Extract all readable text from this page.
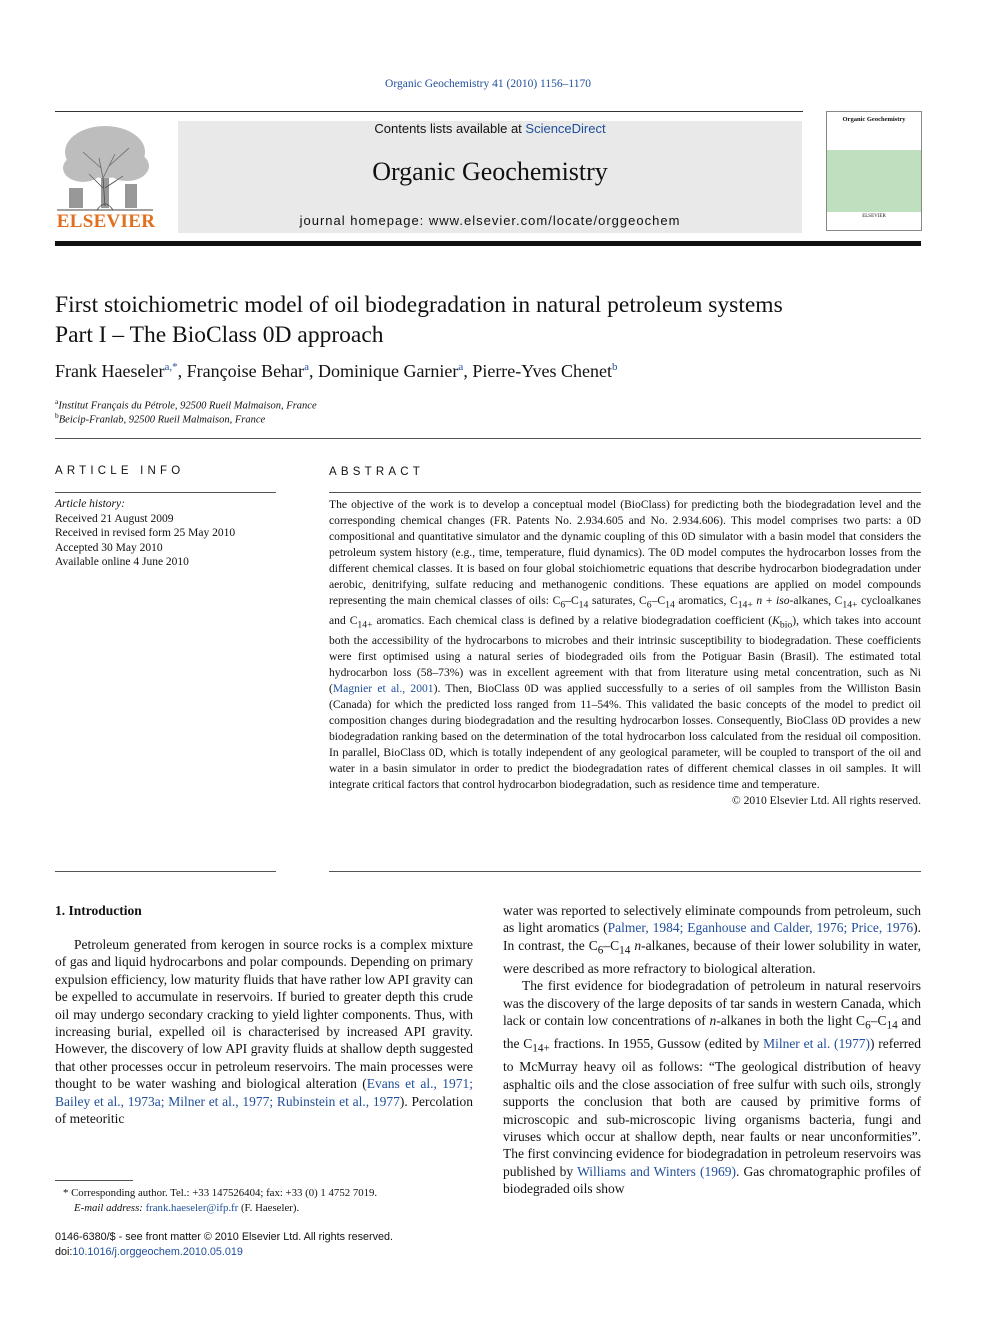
Organic Geochemistry 41 (2010) 1156–1170
ELSEVIER
Contents lists available at ScienceDirect
Organic Geochemistry
journal homepage: www.elsevier.com/locate/orggeochem
Organic Geochemistry
ELSEVIER
First stoichiometric model of oil biodegradation in natural petroleum systems
Part I – The BioClass 0D approach
Frank Haeseler$^{a,*}$, Françoise Behar$^a$, Dominique Garnier$^a$, Pierre-Yves Chenet$^b$
$^a$Institut Français du Pétrole, 92500 Rueil Malmaison, France
$^b$Beicip-Franlab, 92500 Rueil Malmaison, France
ARTICLE INFO	ABSTRACT
Article history:
Received 21 August 2009
Received in revised form 25 May 2010
Accepted 30 May 2010
Available online 4 June 2010

The objective of the work is to develop a conceptual model (BioClass) for predicting both the biodegradation level and the corresponding chemical changes (FR. Patents No. 2.934.605 and No. 2.934.606). This model comprises two parts: a 0D compositional and quantitative simulator and the dynamic coupling of this 0D simulator with a basin model that considers the petroleum system history (e.g., time, temperature, fluid dynamics). The 0D model computes the hydrocarbon losses from the different chemical classes. It is based on four global stoichiometric equations that describe hydrocarbon biodegradation under aerobic, denitrifying, sulfate reducing and methanogenic conditions. These equations are applied on model compounds representing the main chemical classes of oils: $C_6-C_{14}$ saturates, $C_6-C_{14}$ aromatics, $C_{14+}$ n + iso-alkanes, $C_{14+}$ cycloalkanes and $C_{14+}$ aromatics. Each chemical class is defined by a relative biodegradation coefficient $(K_{bio})$, which takes into account both the accessibility of the hydrocarbons to microbes and their intrinsic susceptibility to biodegradation. These coefficients were first optimised using a natural series of biodegraded oils from the Potiguar Basin (Brasil). The estimated total hydrocarbon loss (58–73%) was in excellent agreement with that from literature using metal concentration, such as Ni (Magnier et al., 2001). Then, BioClass 0D was applied successfully to a series of oil samples from the Williston Basin (Canada) for which the predicted loss ranged from 11–54%. This validated the basic concepts of the model to predict oil composition changes during biodegradation and the resulting hydrocarbon losses. Consequently, BioClass 0D provides a new biodegradation ranking based on the determination of the total hydrocarbon loss calculated from the residual oil composition. In parallel, BioClass 0D, which is totally independent of any geological parameter, will be coupled to transport of the oil and water in a basin simulator in order to predict the biodegradation rates of different chemical classes in oil samples. It will integrate critical factors that control hydrocarbon biodegradation, such as residence time and temperature.

© 2010 Elsevier Ltd. All rights reserved.

1. Introduction

Petroleum generated from kerogen in source rocks is a complex mixture of gas and liquid hydrocarbons and polar compounds. Depending on primary expulsion efficiency, low maturity fluids that have rather low API gravity can be expelled to accumulate in reservoirs. If buried to greater depth this crude oil may undergo secondary cracking to yield lighter components. Thus, with increasing burial, expelled oil is characterised by increased API gravity. However, the discovery of low API gravity fluids at shallow depth suggested that other processes occur in petroleum reservoirs. The main processes were thought to be water washing and biological alteration (Evans et al., 1971; Bailey et al., 1973a; Milner et al., 1977; Rubinstein et al., 1977). Percolation of meteoritic

water was reported to selectively eliminate compounds from petroleum, such as light aromatics (Palmer, 1984; Eganhouse and Calder, 1976; Price, 1976). In contrast, the $C_6-C_{14}$ n-alkanes, because of their lower solubility in water, were described as more refractory to biological alteration.

The first evidence for biodegradation of petroleum in natural reservoirs was the discovery of the large deposits of tar sands in western Canada, which lack or contain low concentrations of n-alkanes in both the light $C_6-C_{14}$ and the $C_{14+}$ fractions. In 1955, Gussow (edited by Milner et al. (1977)) referred to McMurray heavy oil as follows: “The geological distribution of heavy asphaltic oils and the close association of free sulfur with such oils, strongly supports the conclusion that both are caused by primitive forms of microscopic and sub-microscopic living organisms bacteria, fungi and viruses which occur at shallow depth, near faults or near unconformities”. The first convincing evidence for biodegradation in petroleum reservoirs was published by Williams and Winters (1969). Gas chromatographic profiles of biodegraded oils show

* Corresponding author. Tel.: +33 147526404; fax: +33 (0) 1 4752 7019.
E-mail address: frank.haeseler@ifp.fr (F. Haeseler).
0146-6380/$ - see front matter © 2010 Elsevier Ltd. All rights reserved.
doi:10.1016/j.orggeochem.2010.05.019
